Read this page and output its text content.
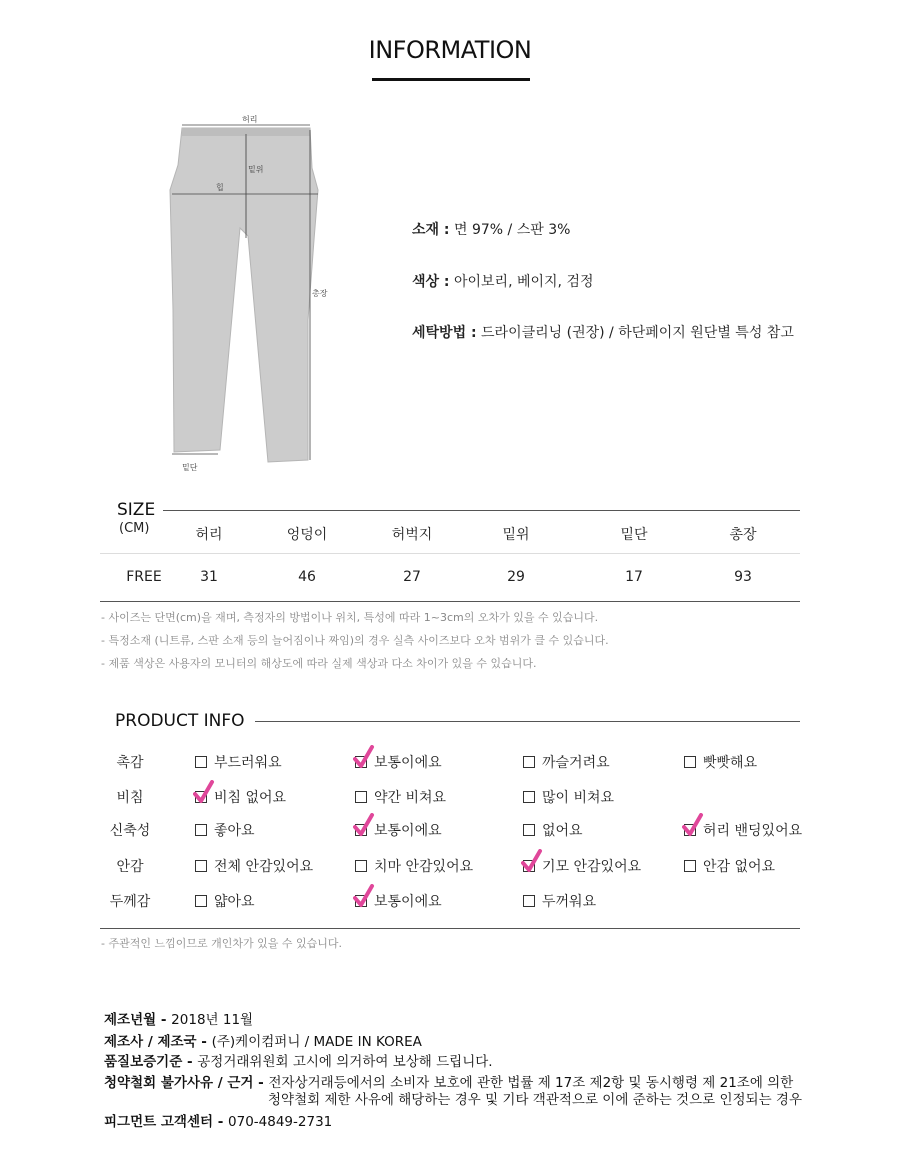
INFORMATION
허리
밑위
힙
총장
밑단
소재 : 면 97% / 스판 3%
색상 : 아이보리, 베이지, 검정
세탁방법 : 드라이클리닝 (권장) / 하단페이지 원단별 특성 참고
SIZE
(CM)	허리	엉덩이	허벅지	밑위	밑단	총장
FREE	31	46	27	29	17	93
- 사이즈는 단면(cm)을 재며, 측정자의 방법이나 위치, 특성에 따라 1~3cm의 오차가 있을 수 있습니다.
- 특정소재 (니트류, 스판 소재 등의 늘어짐이나 짜임)의 경우 실측 사이즈보다 오차 범위가 클 수 있습니다.
- 제품 색상은 사용자의 모니터의 해상도에 따라 실제 색상과 다소 차이가 있을 수 있습니다.
PRODUCT INFO
촉감	부드러워요	보통이에요	까슬거려요	빳빳해요
비침	비침 없어요	약간 비쳐요	많이 비쳐요
신축성	좋아요	보통이에요	없어요	허리 밴딩있어요
안감	전체 안감있어요	치마 안감있어요	기모 안감있어요	안감 없어요
두께감	얇아요	보통이에요	두꺼워요
- 주관적인 느낌이므로 개인차가 있을 수 있습니다.
제조년월 - 2018년 11월
제조사 / 제조국 - (주)케이컴퍼니 / MADE IN KOREA
품질보증기준 - 공정거래위원회 고시에 의거하여 보상해 드립니다.
청약철회 불가사유 / 근거 - 전자상거래등에서의 소비자 보호에 관한 법률 제 17조 제2항 및 동시행령 제 21조에 의한
청약철회 제한 사유에 해당하는 경우 및 기타 객관적으로 이에 준하는 것으로 인정되는 경우
피그먼트 고객센터 - 070-4849-2731
